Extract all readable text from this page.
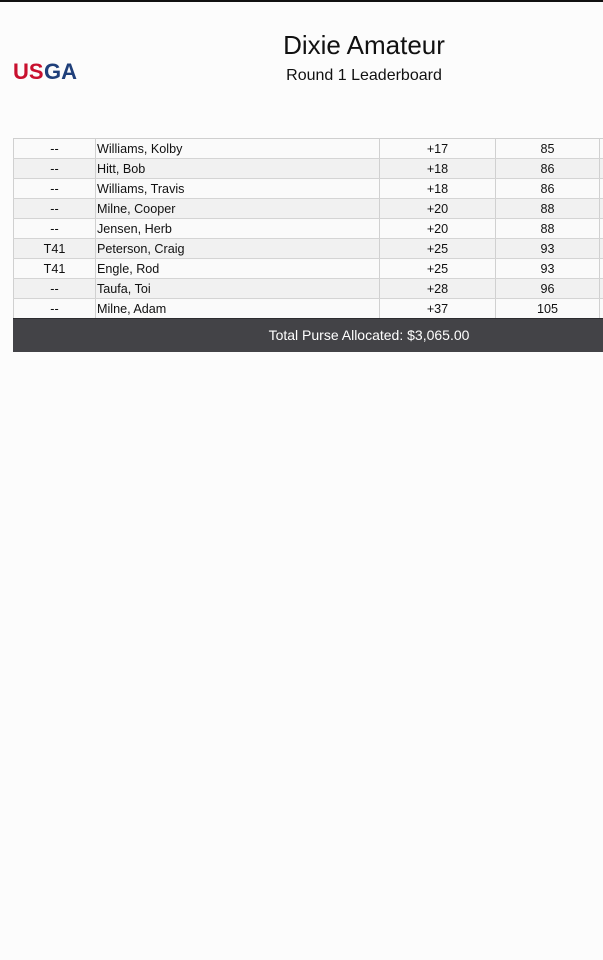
US GA
Dixie Amateur
Round 1 Leaderboard
--	Williams, Kolby	+17	85	
--	Hitt, Bob	+18	86	
--	Williams, Travis	+18	86	
--	Milne, Cooper	+20	88	
--	Jensen, Herb	+20	88	
T41	Peterson, Craig	+25	93	
T41	Engle, Rod	+25	93	
--	Taufa, Toi	+28	96	
--	Milne, Adam	+37	105	
Total Purse Allocated: $3,065.00
